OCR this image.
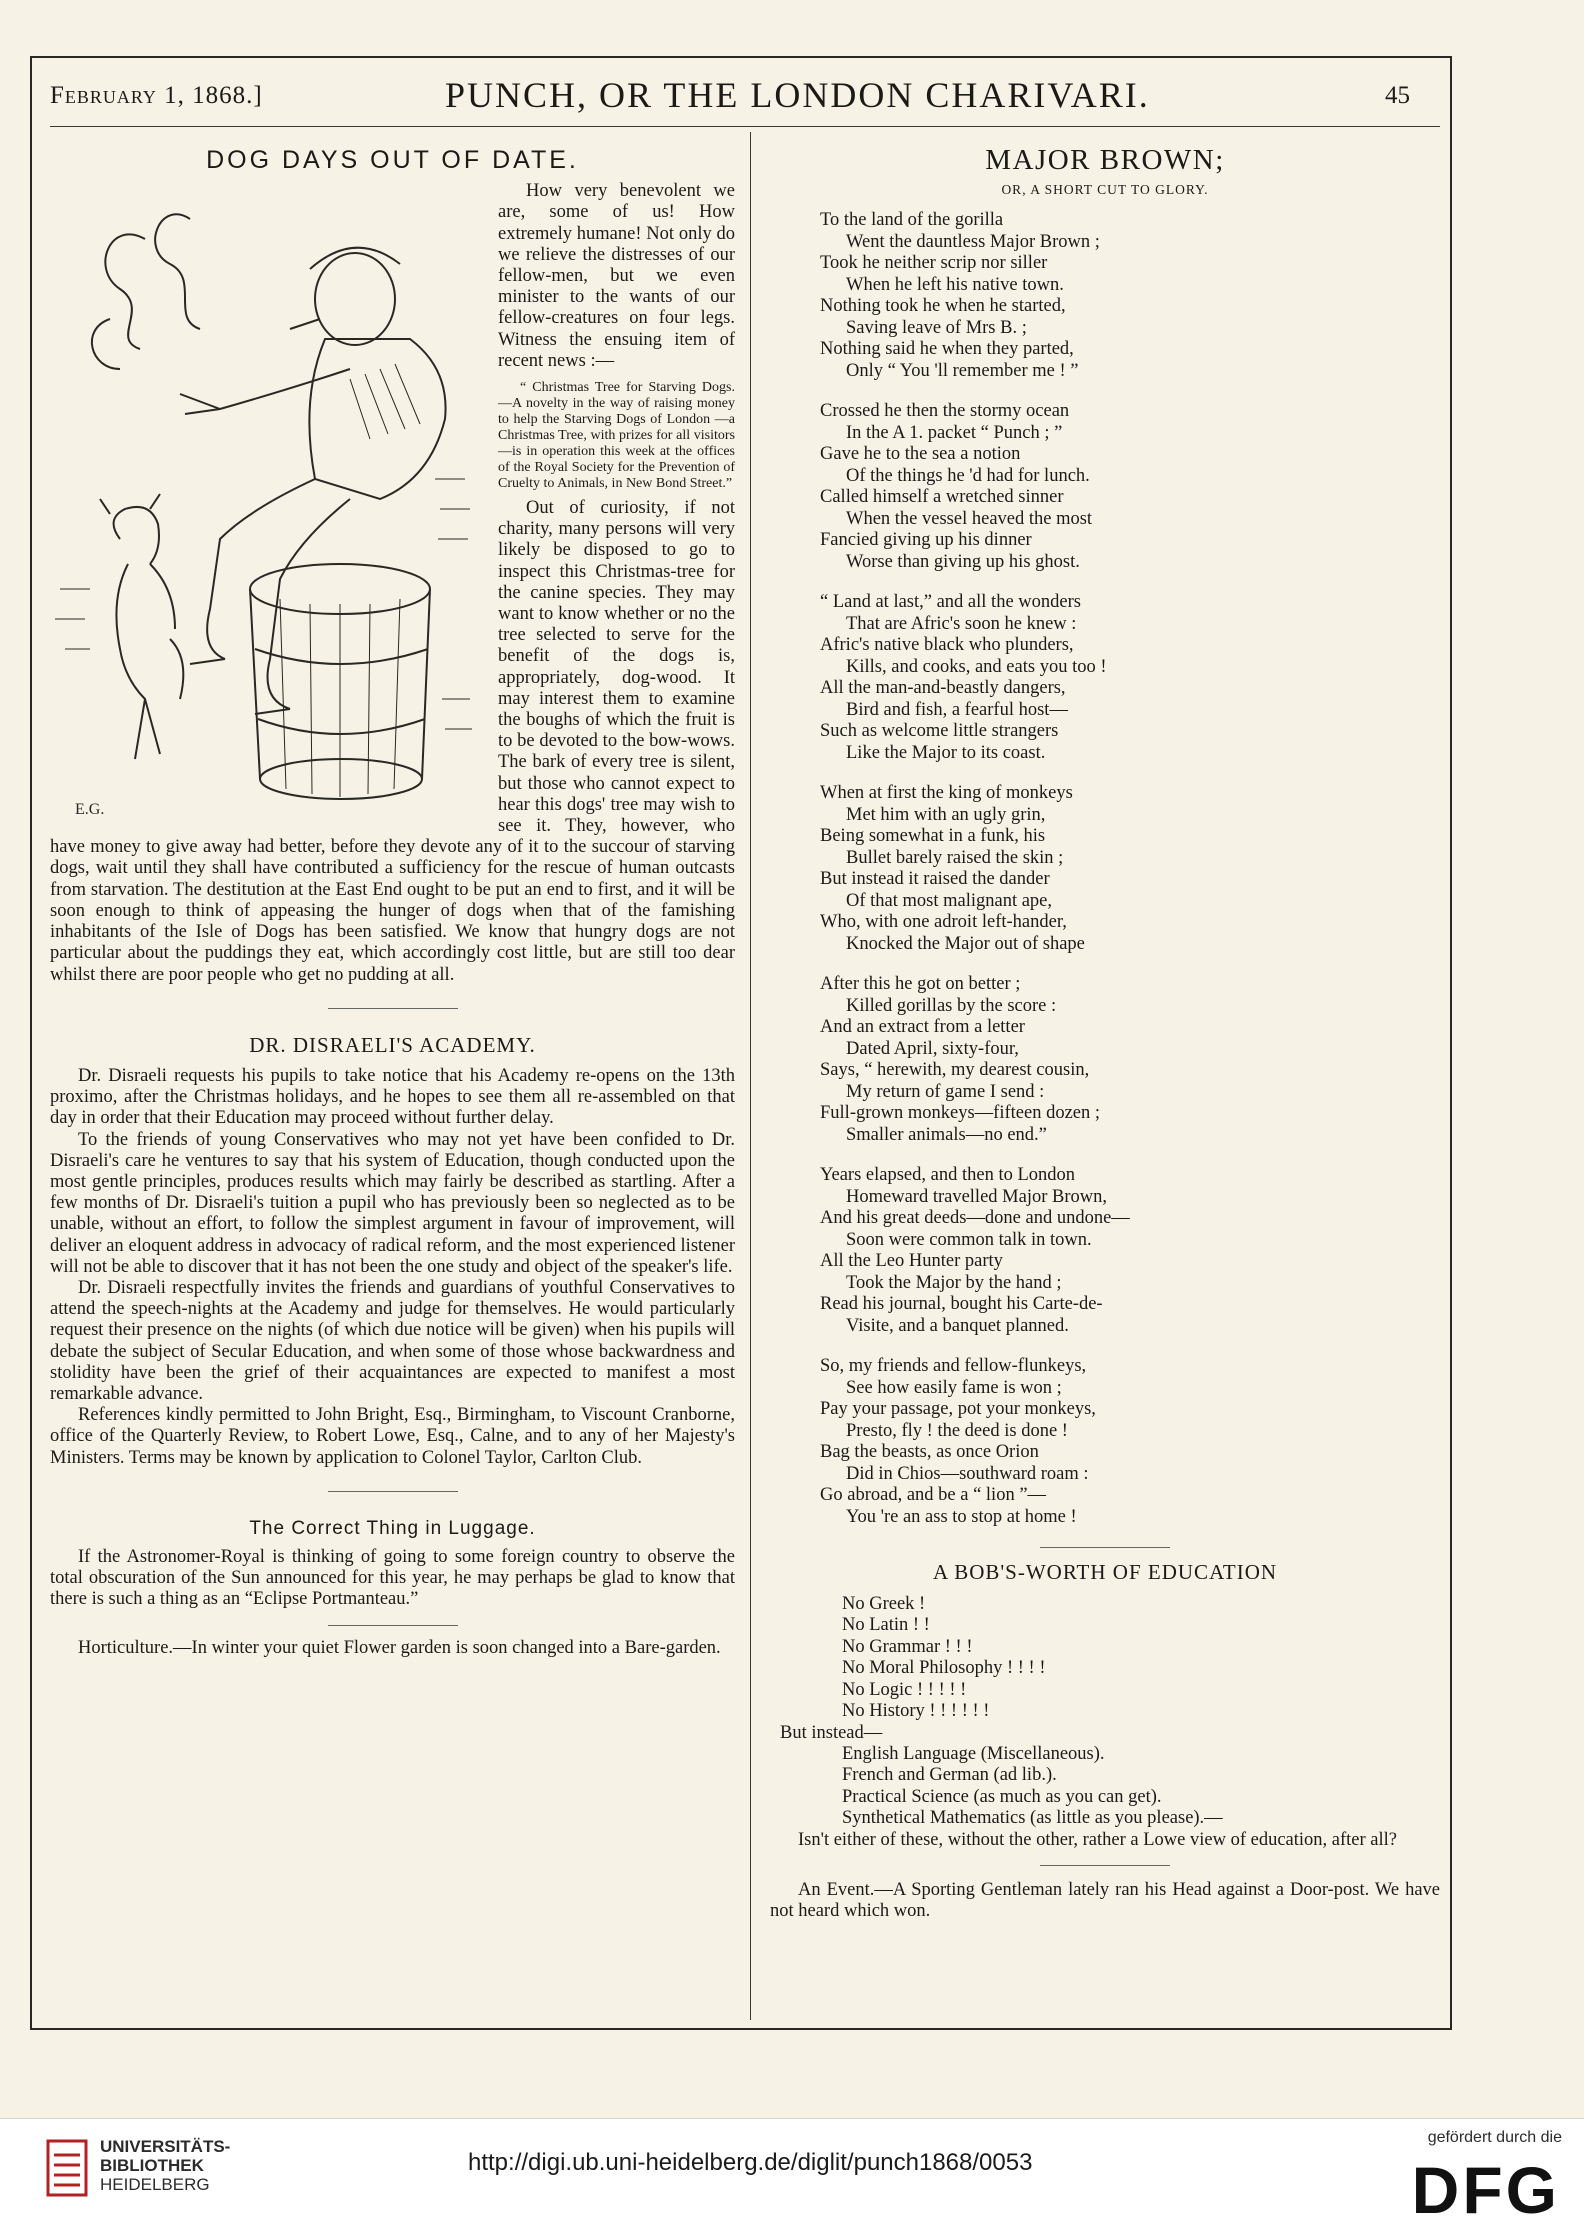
February 1, 1868.]	PUNCH, OR THE LONDON CHARIVARI.	45
DOG DAYS OUT OF DATE.
E.G.

How very benevolent we are, some of us! How extremely humane! Not only do we relieve the distresses of our fellow-men, but we even minister to the wants of our fellow-creatures on four legs. Witness the ensuing item of recent news :—

“ Christmas Tree for Starving Dogs.—A novelty in the way of raising money to help the Starving Dogs of London —a Christmas Tree, with prizes for all visitors—is in operation this week at the offices of the Royal Society for the Prevention of Cruelty to Animals, in New Bond Street.”

Out of curiosity, if not charity, many persons will very likely be disposed to go to inspect this Christmas-tree for the canine species. They may want to know whether or no the tree selected to serve for the benefit of the dogs is, appropriately, dog-wood. It may interest them to examine the boughs of which the fruit is to be devoted to the bow-wows. The bark of every tree is silent, but those who cannot expect to hear this dogs' tree may wish to see it. They, however, who have money to give away had better, before they devote any of it to the succour of starving dogs, wait until they shall have contributed a sufficiency for the rescue of human outcasts from starvation. The destitution at the East End ought to be put an end to first, and it will be soon enough to think of appeasing the hunger of dogs when that of the famishing inhabitants of the Isle of Dogs has been satisfied. We know that hungry dogs are not particular about the puddings they eat, which accordingly cost little, but are still too dear whilst there are poor people who get no pudding at all.

DR. DISRAELI'S ACADEMY.

Dr. Disraeli requests his pupils to take notice that his Academy re-opens on the 13th proximo, after the Christmas holidays, and he hopes to see them all re-assembled on that day in order that their Education may proceed without further delay.

To the friends of young Conservatives who may not yet have been confided to Dr. Disraeli's care he ventures to say that his system of Education, though conducted upon the most gentle principles, produces results which may fairly be described as startling. After a few months of Dr. Disraeli's tuition a pupil who has previously been so neglected as to be unable, without an effort, to follow the simplest argument in favour of improvement, will deliver an eloquent address in advocacy of radical reform, and the most experienced listener will not be able to discover that it has not been the one study and object of the speaker's life.

Dr. Disraeli respectfully invites the friends and guardians of youthful Conservatives to attend the speech-nights at the Academy and judge for themselves. He would particularly request their presence on the nights (of which due notice will be given) when his pupils will debate the subject of Secular Education, and when some of those whose backwardness and stolidity have been the grief of their acquaintances are expected to manifest a most remarkable advance.

References kindly permitted to John Bright, Esq., Birmingham, to Viscount Cranborne, office of the Quarterly Review, to Robert Lowe, Esq., Calne, and to any of her Majesty's Ministers. Terms may be known by application to Colonel Taylor, Carlton Club.

The Correct Thing in Luggage.

If the Astronomer-Royal is thinking of going to some foreign country to observe the total obscuration of the Sun announced for this year, he may perhaps be glad to know that there is such a thing as an “Eclipse Portmanteau.”

Horticulture.—In winter your quiet Flower garden is soon changed into a Bare-garden.

MAJOR BROWN;
OR, A SHORT CUT TO GLORY.
To the land of the gorilla
Went the dauntless Major Brown ;
Took he neither scrip nor siller
When he left his native town.
Nothing took he when he started,
Saving leave of Mrs B. ;
Nothing said he when they parted,
Only “ You 'll remember me ! ”
Crossed he then the stormy ocean
In the A 1. packet “ Punch ; ”
Gave he to the sea a notion
Of the things he 'd had for lunch.
Called himself a wretched sinner
When the vessel heaved the most
Fancied giving up his dinner
Worse than giving up his ghost.
“ Land at last,” and all the wonders
That are Afric's soon he knew :
Afric's native black who plunders,
Kills, and cooks, and eats you too !
All the man-and-beastly dangers,
Bird and fish, a fearful host—
Such as welcome little strangers
Like the Major to its coast.
When at first the king of monkeys
Met him with an ugly grin,
Being somewhat in a funk, his
Bullet barely raised the skin ;
But instead it raised the dander
Of that most malignant ape,
Who, with one adroit left-hander,
Knocked the Major out of shape
After this he got on better ;
Killed gorillas by the score :
And an extract from a letter
Dated April, sixty-four,
Says, “ herewith, my dearest cousin,
My return of game I send :
Full-grown monkeys—fifteen dozen ;
Smaller animals—no end.”
Years elapsed, and then to London
Homeward travelled Major Brown,
And his great deeds—done and undone—
Soon were common talk in town.
All the Leo Hunter party
Took the Major by the hand ;
Read his journal, bought his Carte-de-
Visite, and a banquet planned.
So, my friends and fellow-flunkeys,
See how easily fame is won ;
Pay your passage, pot your monkeys,
Presto, fly ! the deed is done !
Bag the beasts, as once Orion
Did in Chios—southward roam :
Go abroad, and be a “ lion ”—
You 're an ass to stop at home !
A BOB'S-WORTH OF EDUCATION
No Greek !
No Latin ! !
No Grammar ! ! !
No Moral Philosophy ! ! ! !
No Logic ! ! ! ! !
No History ! ! ! ! ! !
But instead—
English Language (Miscellaneous).
French and German (ad lib.).
Practical Science (as much as you can get).
Synthetical Mathematics (as little as you please).—

Isn't either of these, without the other, rather a Lowe view of education, after all?

An Event.—A Sporting Gentleman lately ran his Head against a Door-post. We have not heard which won.

UNIVERSITÄTS-
BIBLIOTHEK
HEIDELBERG
http://digi.ub.uni-heidelberg.de/diglit/punch1868/0053
gefördert durch die
DFG
